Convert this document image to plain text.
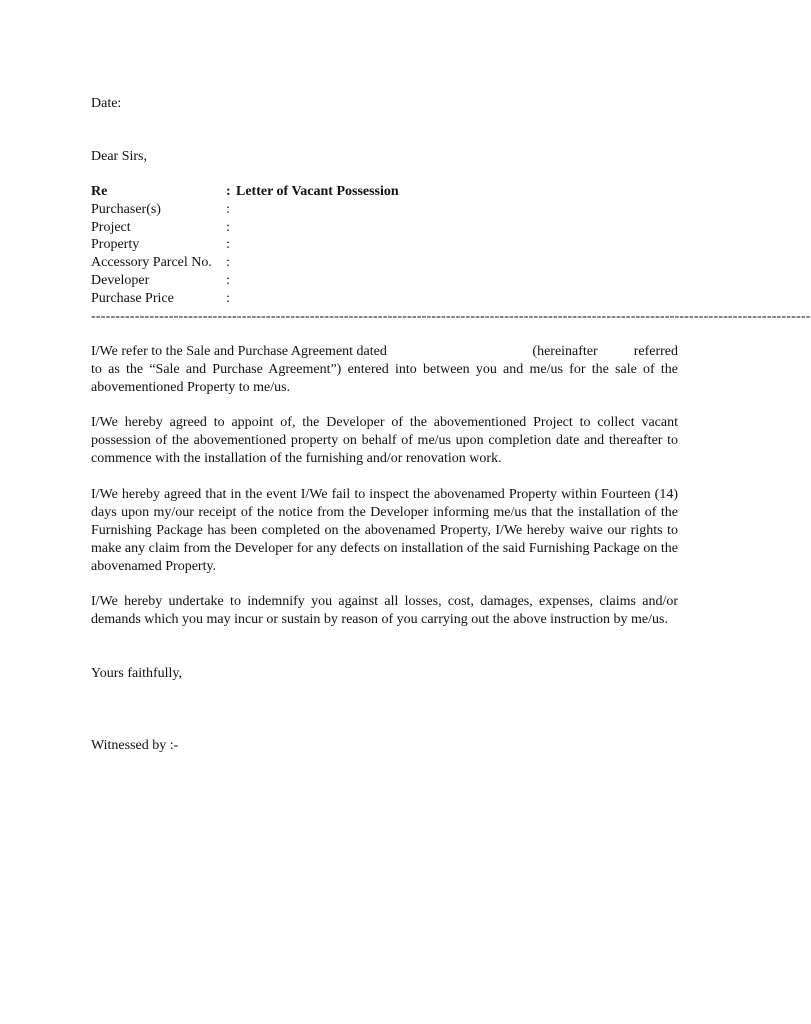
Date:
Dear Sirs,
Re	: Letter of Vacant Possession
Purchaser(s)	:
Project	:
Property	:
Accessory Parcel No.	:
Developer	:
Purchase Price	:
----------------------------------------------------------------------------------------------------------------------------------------------------
I/We refer to the Sale and Purchase Agreement dated	(hereinafter	referred
to as the “Sale and Purchase Agreement”) entered into between you and me/us for the sale of the abovementioned Property to me/us.

I/We hereby agreed to appoint of, the Developer of the abovementioned Project to collect vacant possession of the abovementioned property on behalf of me/us upon completion date and thereafter to commence with the installation of the furnishing and/or renovation work.

I/We hereby agreed that in the event I/We fail to inspect the abovenamed Property within Fourteen (14) days upon my/our receipt of the notice from the Developer informing me/us that the installation of the Furnishing Package has been completed on the abovenamed Property, I/We hereby waive our rights to make any claim from the Developer for any defects on installation of the said Furnishing Package on the abovenamed Property.

I/We hereby undertake to indemnify you against all losses, cost, damages, expenses, claims and/or demands which you may incur or sustain by reason of you carrying out the above instruction by me/us.

Yours faithfully,
Witnessed by :-
